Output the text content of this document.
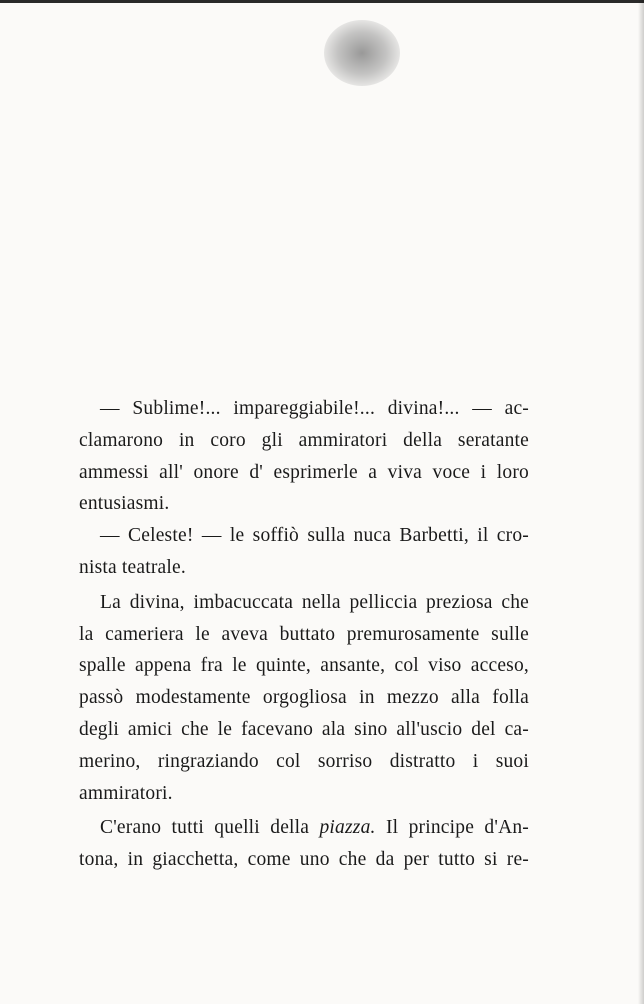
— Sublime!... impareggiabile!... divina!... — ac-
clamarono in coro gli ammiratori della seratante
ammessi all' onore d' esprimerle a viva voce i loro
entusiasmi.
— Celeste! — le soffiò sulla nuca Barbetti, il cro-
nista teatrale.
La divina, imbacuccata nella pelliccia preziosa che
la cameriera le aveva buttato premurosamente sulle
spalle appena fra le quinte, ansante, col viso acceso,
passò modestamente orgogliosa in mezzo alla folla
degli amici che le facevano ala sino all'uscio del ca-
merino, ringraziando col sorriso distratto i suoi
ammiratori.
C'erano tutti quelli della piazza. Il principe d'An-
tona, in giacchetta, come uno che da per tutto si re-
